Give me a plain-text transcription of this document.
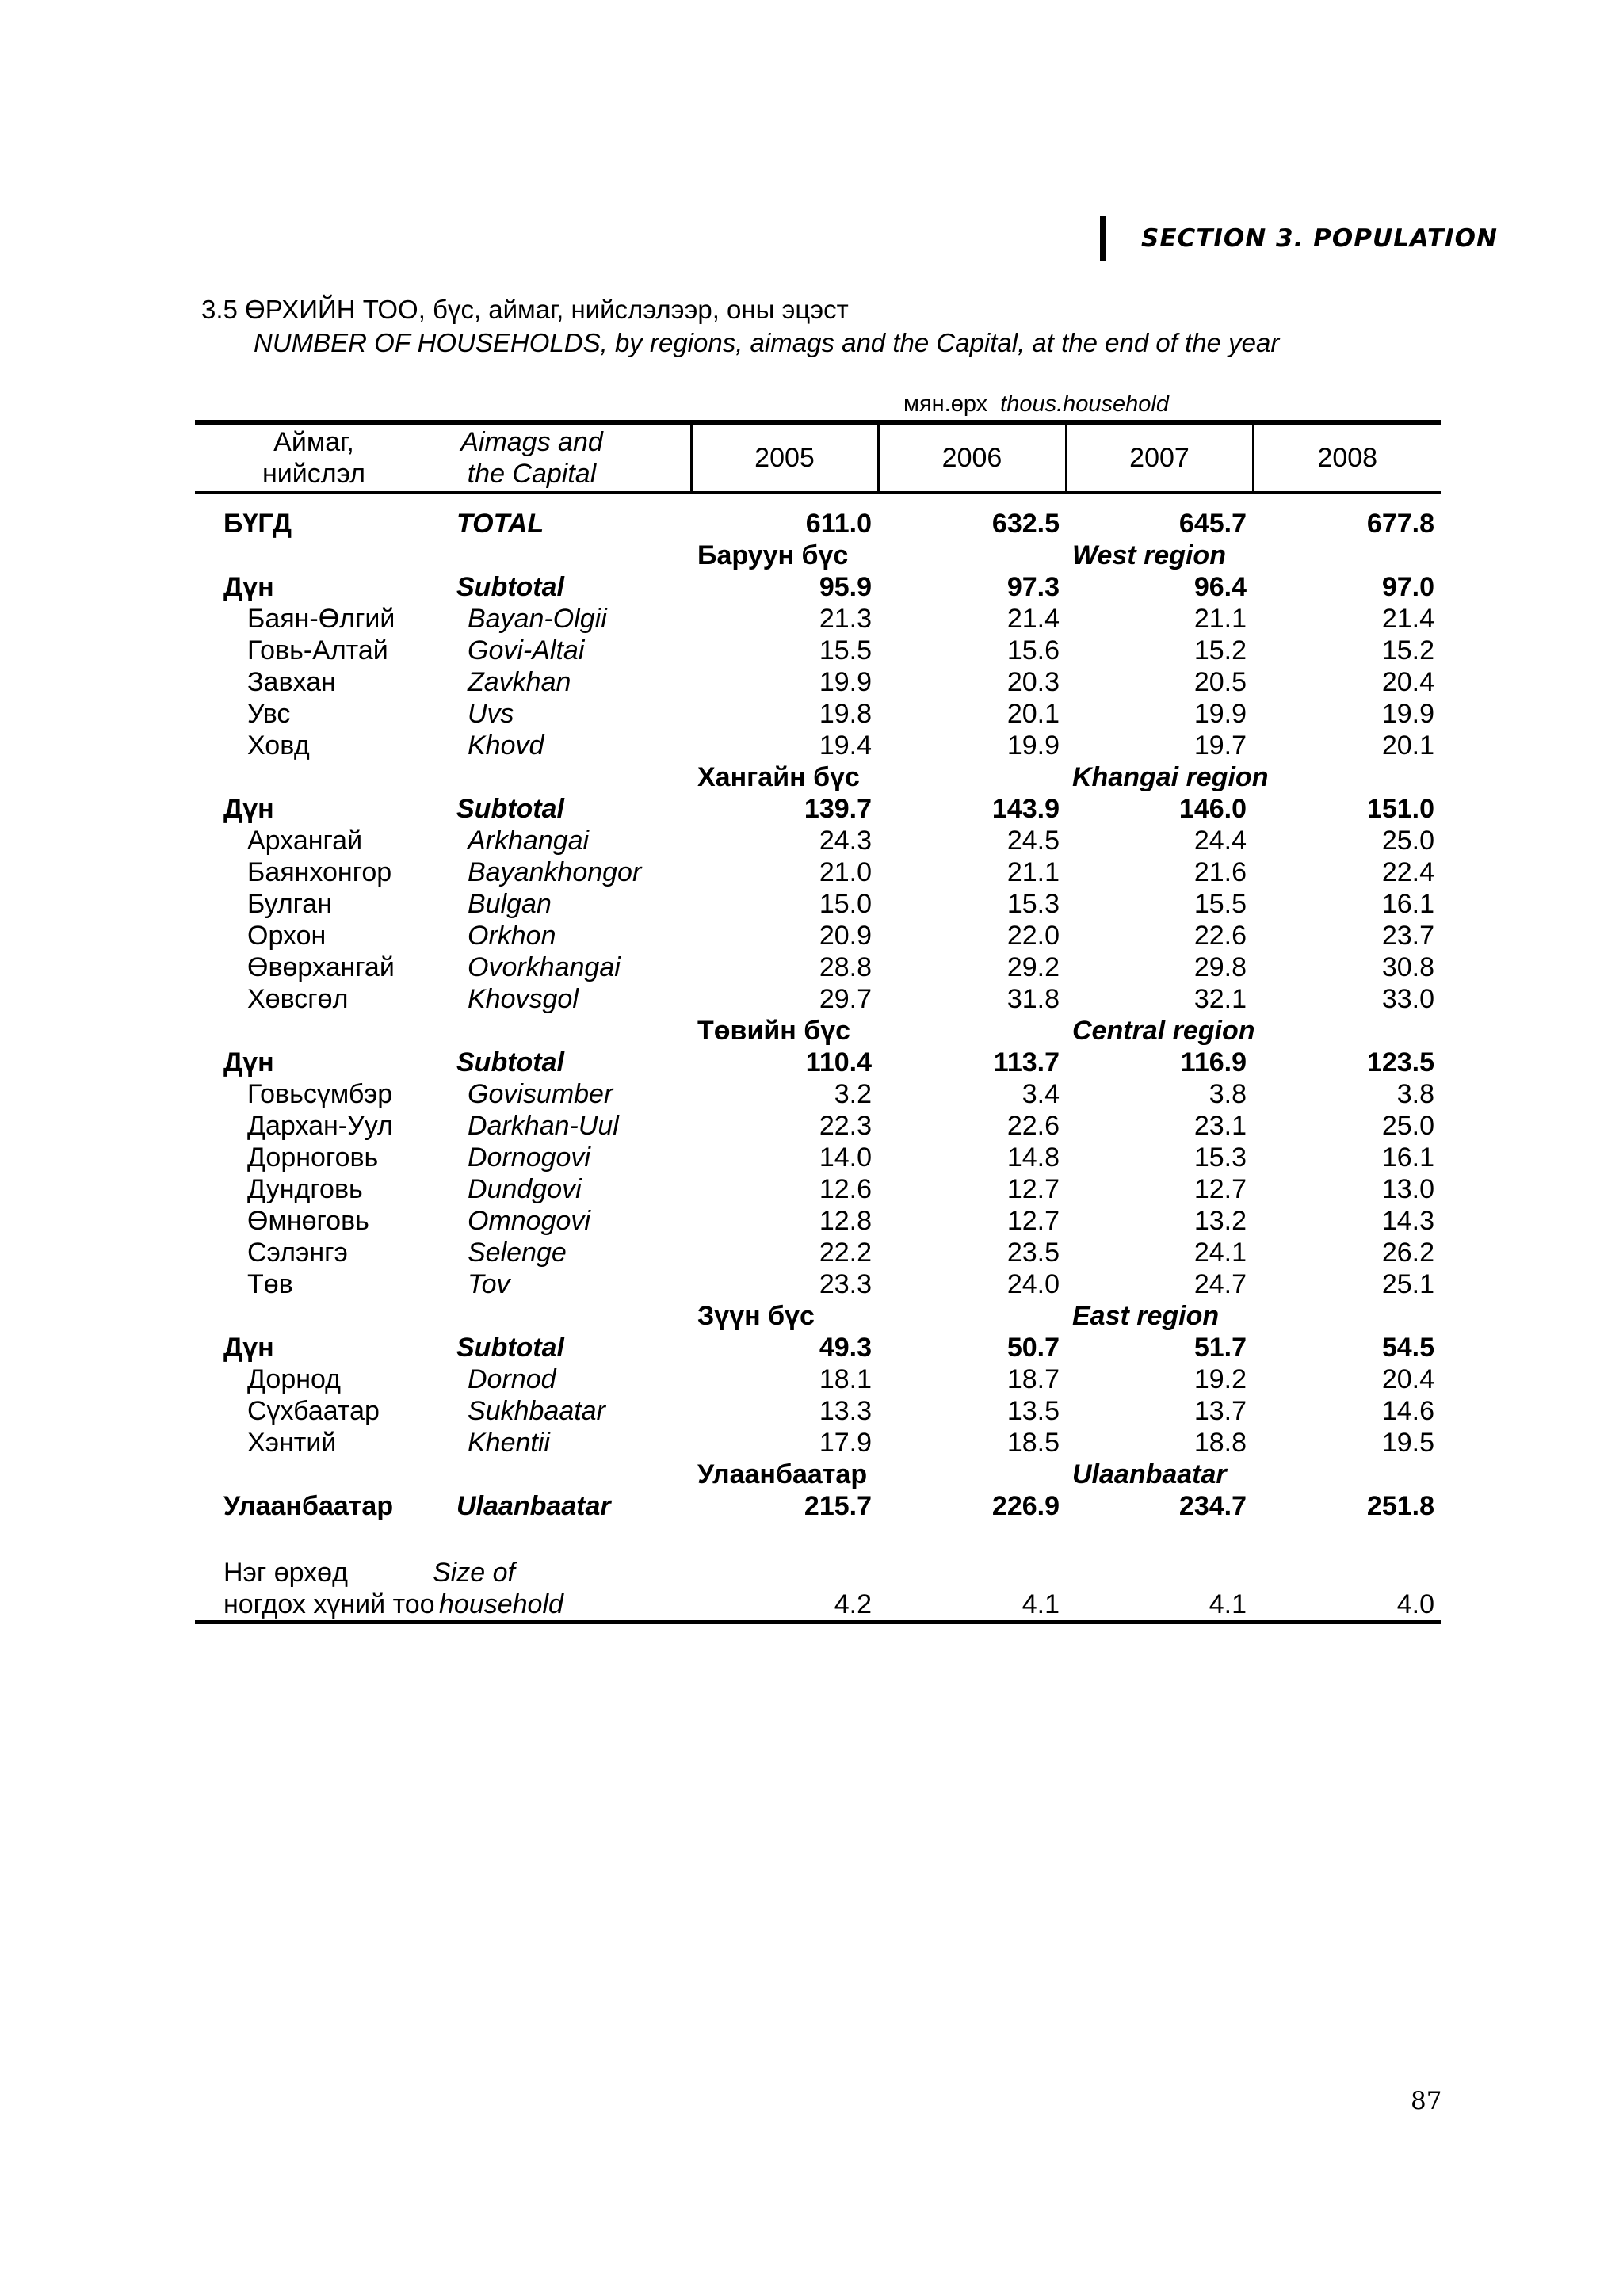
SECTION 3. POPULATION
3.5 ӨРХИЙН ТОО, бүс, аймаг, нийслэлээр, оны эцэст
NUMBER OF HOUSEHOLDS, by regions, aimags and the Capital, at the end of the year
мян.өрх thous.household
Аймаг,
нийслэл
Aimags and
the Capital	2005	2006	2007	2008

БҮГД TOTAL	611.0	632.5	645.7	677.8
	Баруун бүс		West region	

Дүн Subtotal	95.9	97.3	96.4	97.0

Баян-Өлгий Bayan-Olgii	21.3	21.4	21.1	21.4

Говь-Алтай Govi-Altai	15.5	15.6	15.2	15.2

Завхан Zavkhan	19.9	20.3	20.5	20.4

Увс Uvs	19.8	20.1	19.9	19.9

Ховд Khovd	19.4	19.9	19.7	20.1
	Хангайн бүс		Khangai region	

Дүн Subtotal	139.7	143.9	146.0	151.0

Архангай Arkhangai	24.3	24.5	24.4	25.0

Баянхонгор Bayankhongor	21.0	21.1	21.6	22.4

Булган Bulgan	15.0	15.3	15.5	16.1

Орхон Orkhon	20.9	22.0	22.6	23.7

Өвөрхангай Ovorkhangai	28.8	29.2	29.8	30.8

Хөвсгөл Khovsgol	29.7	31.8	32.1	33.0
	Төвийн бүс		Central region	

Дүн Subtotal	110.4	113.7	116.9	123.5

Говьсүмбэр Govisumber	3.2	3.4	3.8	3.8

Дархан-Уул Darkhan-Uul	22.3	22.6	23.1	25.0

Дорноговь Dornogovi	14.0	14.8	15.3	16.1

Дундговь Dundgovi	12.6	12.7	12.7	13.0

Өмнөговь Omnogovi	12.8	12.7	13.2	14.3

Сэлэнгэ Selenge	22.2	23.5	24.1	26.2

Төв Tov	23.3	24.0	24.7	25.1
	Зүүн бүс		East region	

Дүн Subtotal	49.3	50.7	51.7	54.5

Дорнод Dornod	18.1	18.7	19.2	20.4

Сүхбаатар Sukhbaatar	13.3	13.5	13.7	14.6

Хэнтий Khentii	17.9	18.5	18.8	19.5
	Улаанбаатар		Ulaanbaatar	

Улаанбаатар Ulaanbaatar	215.7	226.9	234.7	251.8

Нэг өрхөд
ногдох хүний тоо
Size of
household	4.2	4.1	4.1	4.0
87
